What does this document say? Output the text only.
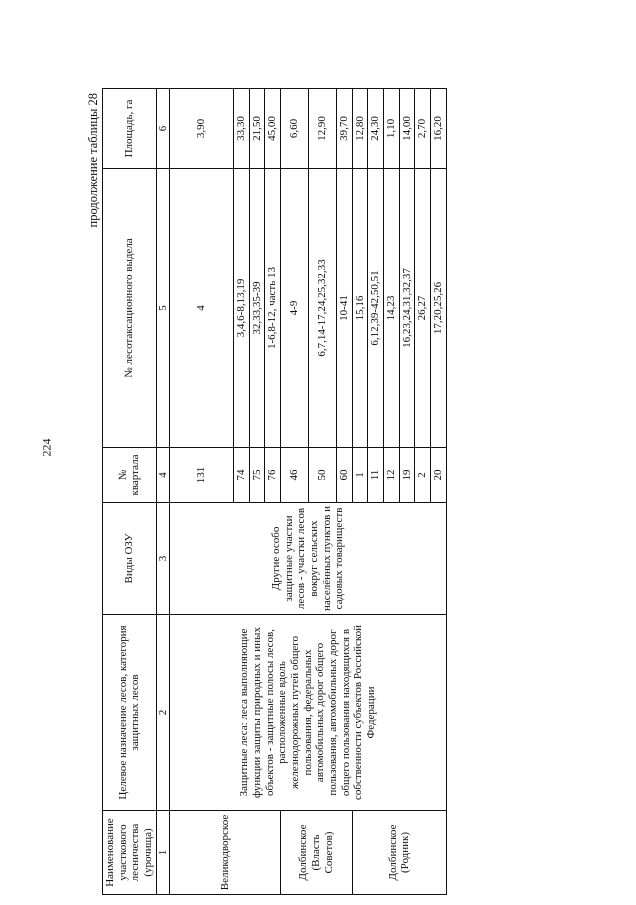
224
продолжение таблицы 28
Наименование участкового лесничества (урочища)	Целевое назначение лесов, категория защитных лесов	Виды ОЗУ	№ квартала	№ лесотаксационного выдела	Площадь, га
1	2	3	4	5	6
Великодворское	Защитные леса: леса выполняющие функции защиты природных и иных объектов - защитные полосы лесов, расположенные вдоль железнодорожных путей общего пользования, федеральных автомобильных дорог общего пользования, автомобильных дорог общего пользования находящихся в собственности субъектов Российской Федерации	Другие особо защитные участки лесов - участки лесов вокруг сельских населённых пунктов и садовых товариществ	131	4	3,90
			74	3,4,6-8,13,19	33,30
			75	32,33,35-39	21,50
			76	1-6,8-12, часть 13	45,00
Долбинское (Власть Советов)			46	4-9	6,60
			50	6,7,14-17,24,25,32,33	12,90
			60	10-41	39,70
Долбинское (Родник)			1	15,16	12,80
			11	6,12,39-42,50,51	24,30
			12	14,23	1,10
			19	16,23,24,31,32,37	14,00
			2	26,27	2,70
			20	17,20,25,26	16,20
